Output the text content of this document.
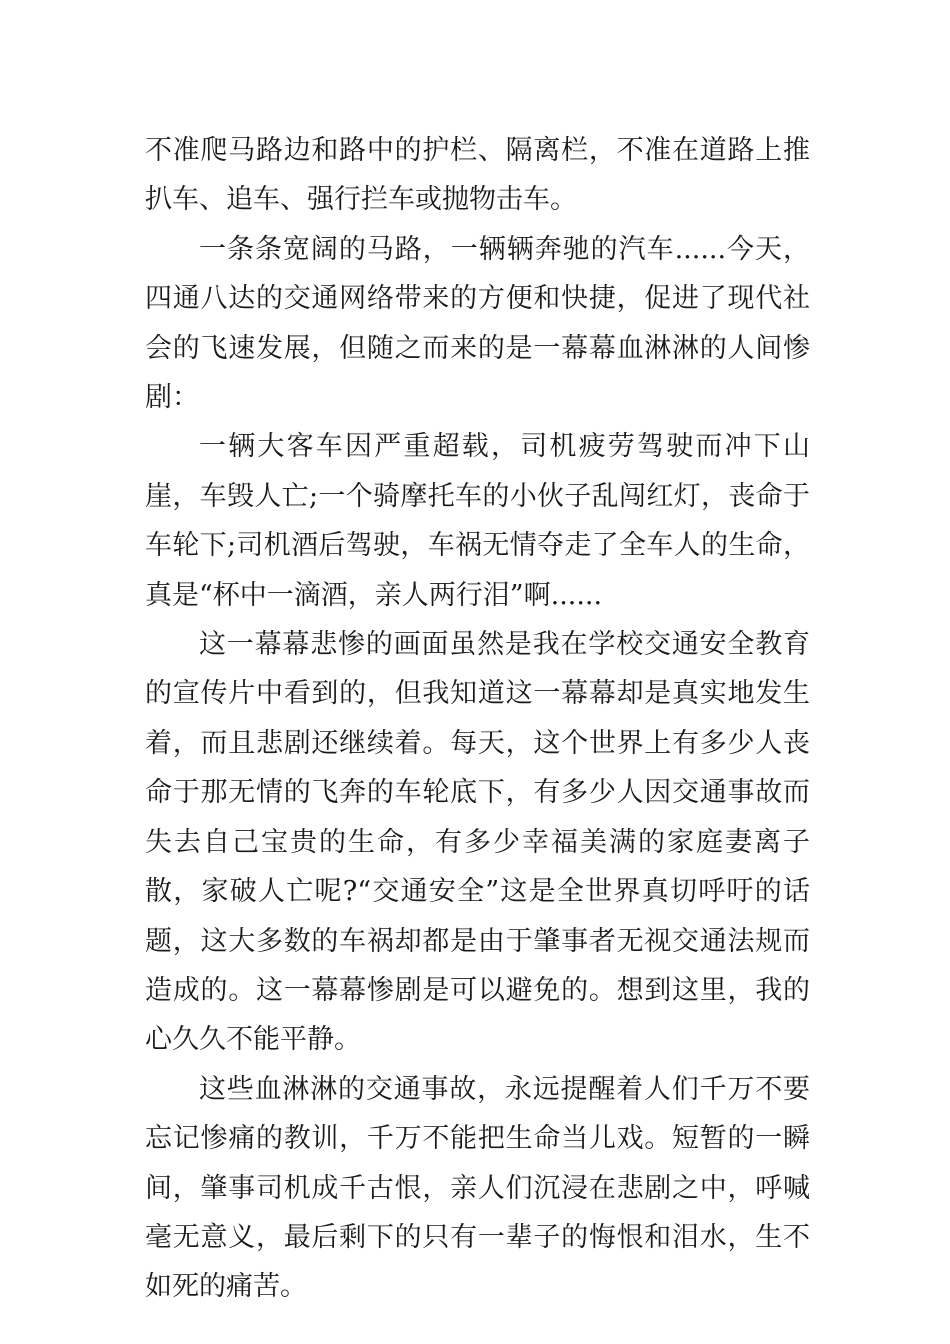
不准爬马路边和路中的护栏、隔离栏，不准在道路上推扒车、追车、强行拦车或抛物击车。

一条条宽阔的马路，一辆辆奔驰的汽车......今天，四通八达的交通网络带来的方便和快捷，促进了现代社会的飞速发展，但随之而来的是一幕幕血淋淋的人间惨剧：

一辆大客车因严重超载，司机疲劳驾驶而冲下山崖，车毁人亡;一个骑摩托车的小伙子乱闯红灯，丧命于车轮下;司机酒后驾驶，车祸无情夺走了全车人的生命，真是“杯中一滴酒，亲人两行泪”啊......

这一幕幕悲惨的画面虽然是我在学校交通安全教育的宣传片中看到的，但我知道这一幕幕却是真实地发生着，而且悲剧还继续着。每天，这个世界上有多少人丧命于那无情的飞奔的车轮底下，有多少人因交通事故而失去自己宝贵的生命，有多少幸福美满的家庭妻离子散，家破人亡呢?“交通安全”这是全世界真切呼吁的话题，这大多数的车祸却都是由于肇事者无视交通法规而造成的。这一幕幕惨剧是可以避免的。想到这里，我的心久久不能平静。

这些血淋淋的交通事故，永远提醒着人们千万不要忘记惨痛的教训，千万不能把生命当儿戏。短暂的一瞬间，肇事司机成千古恨，亲人们沉浸在悲剧之中，呼喊毫无意义，最后剩下的只有一辈子的悔恨和泪水，生不如死的痛苦。
